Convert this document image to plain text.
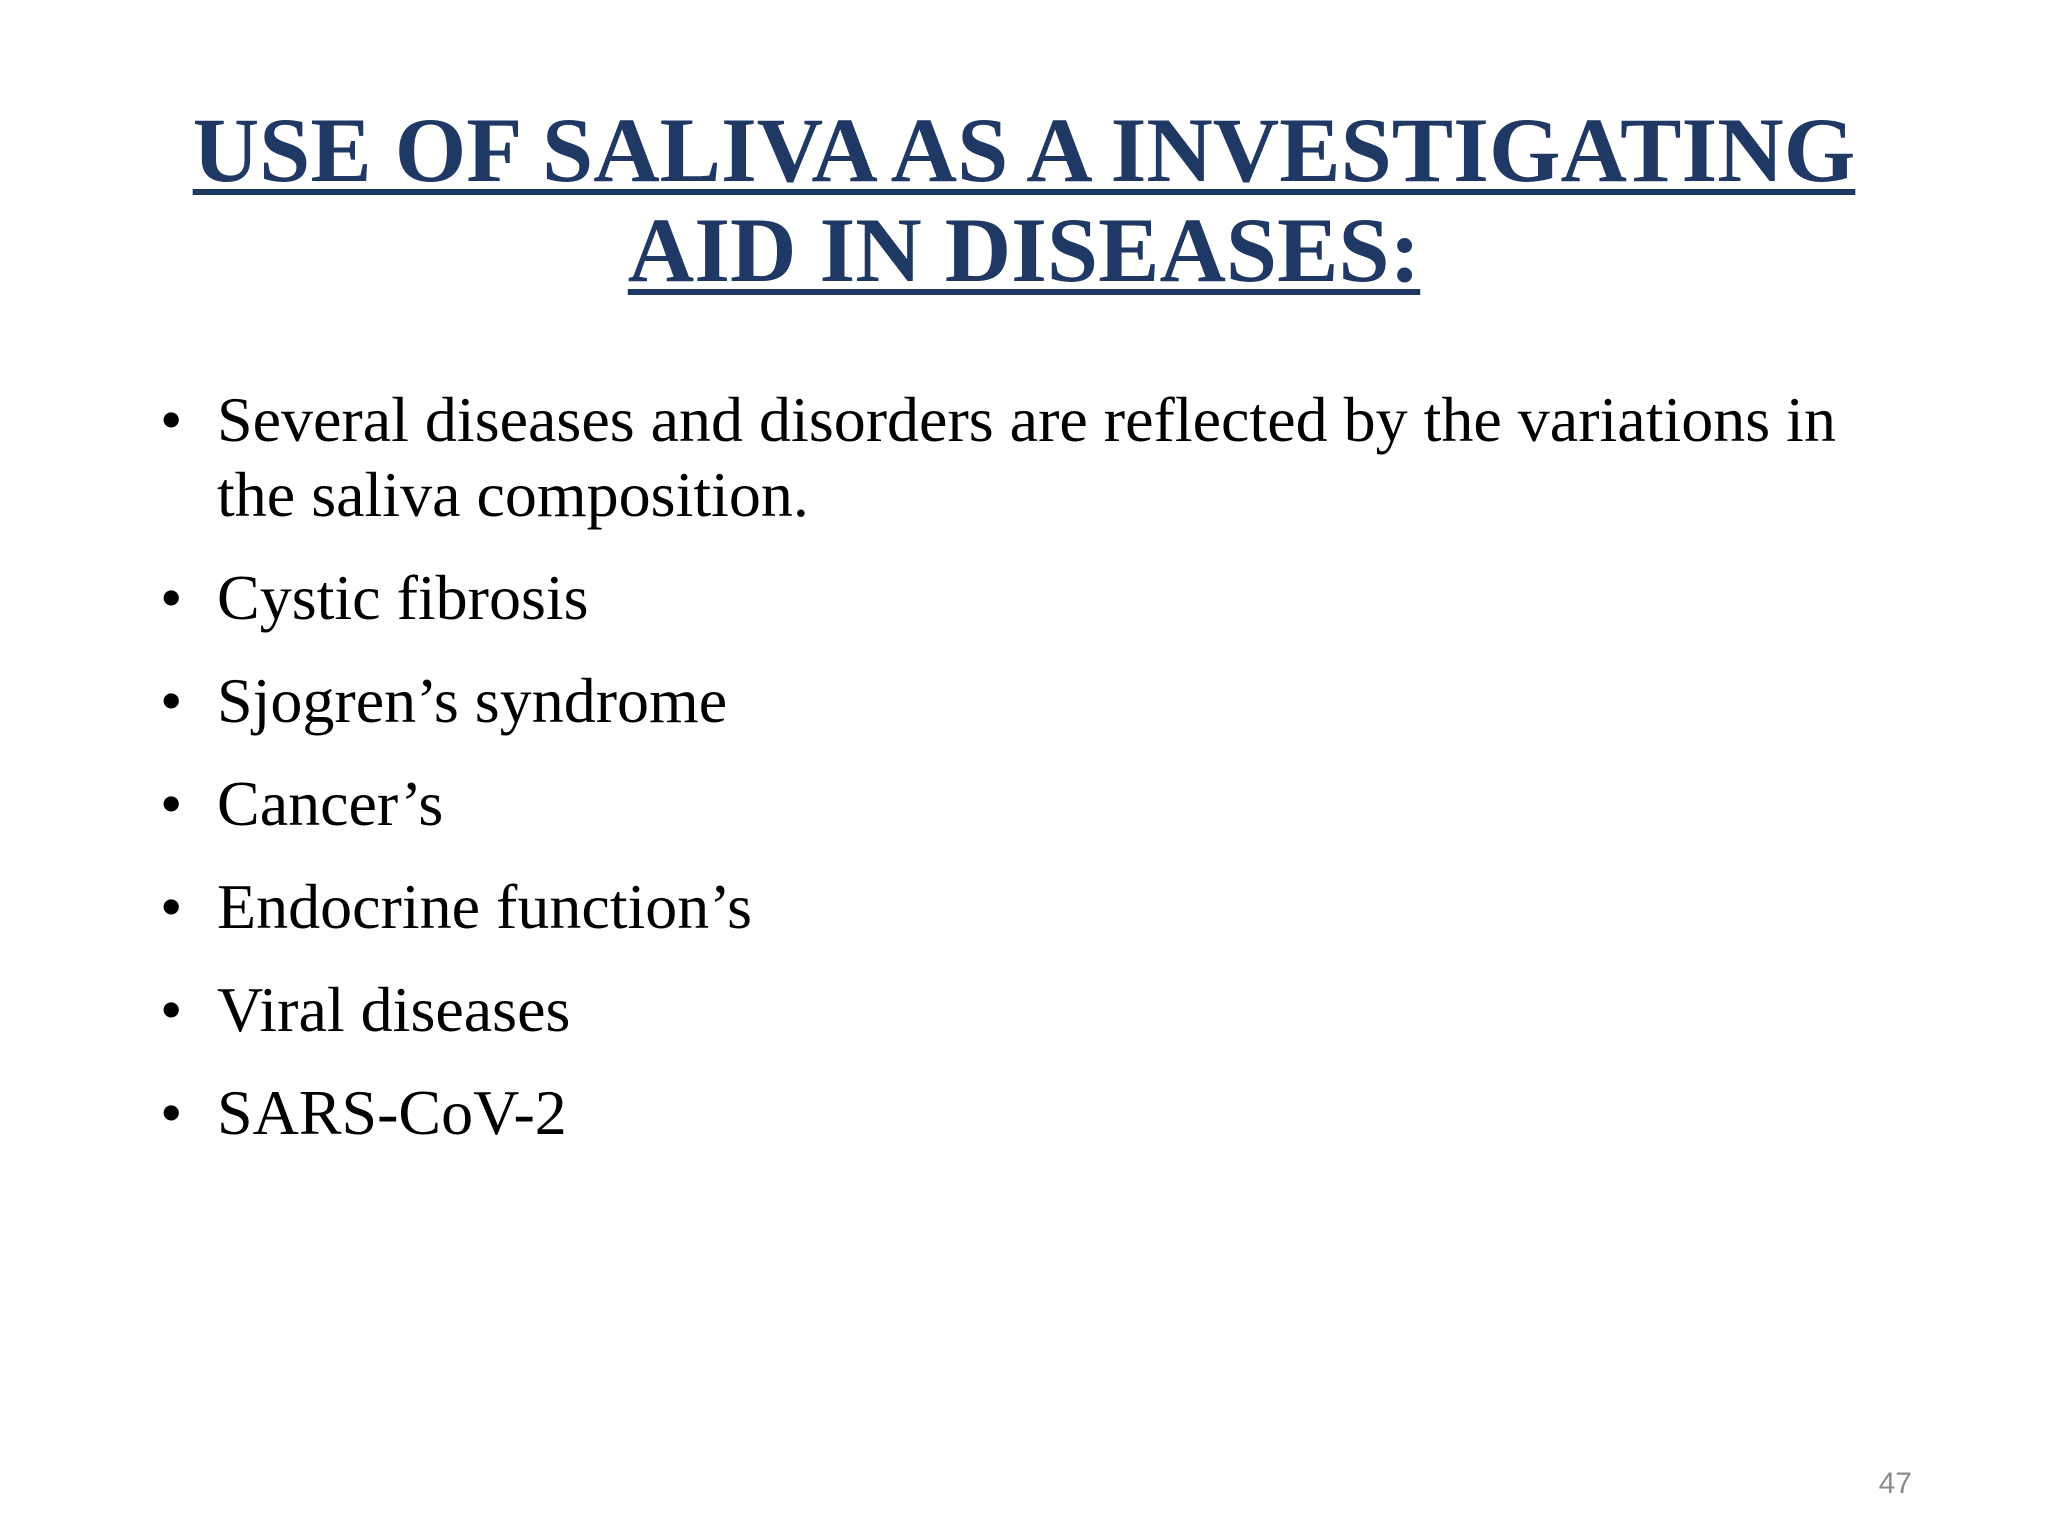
USE OF SALIVA AS A INVESTIGATING
AID IN DISEASES:
• Several diseases and disorders are reflected by the variations in the saliva composition.
• Cystic fibrosis
• Sjogren’s syndrome
• Cancer’s
• Endocrine function’s
• Viral diseases
• SARS-CoV-2
47
